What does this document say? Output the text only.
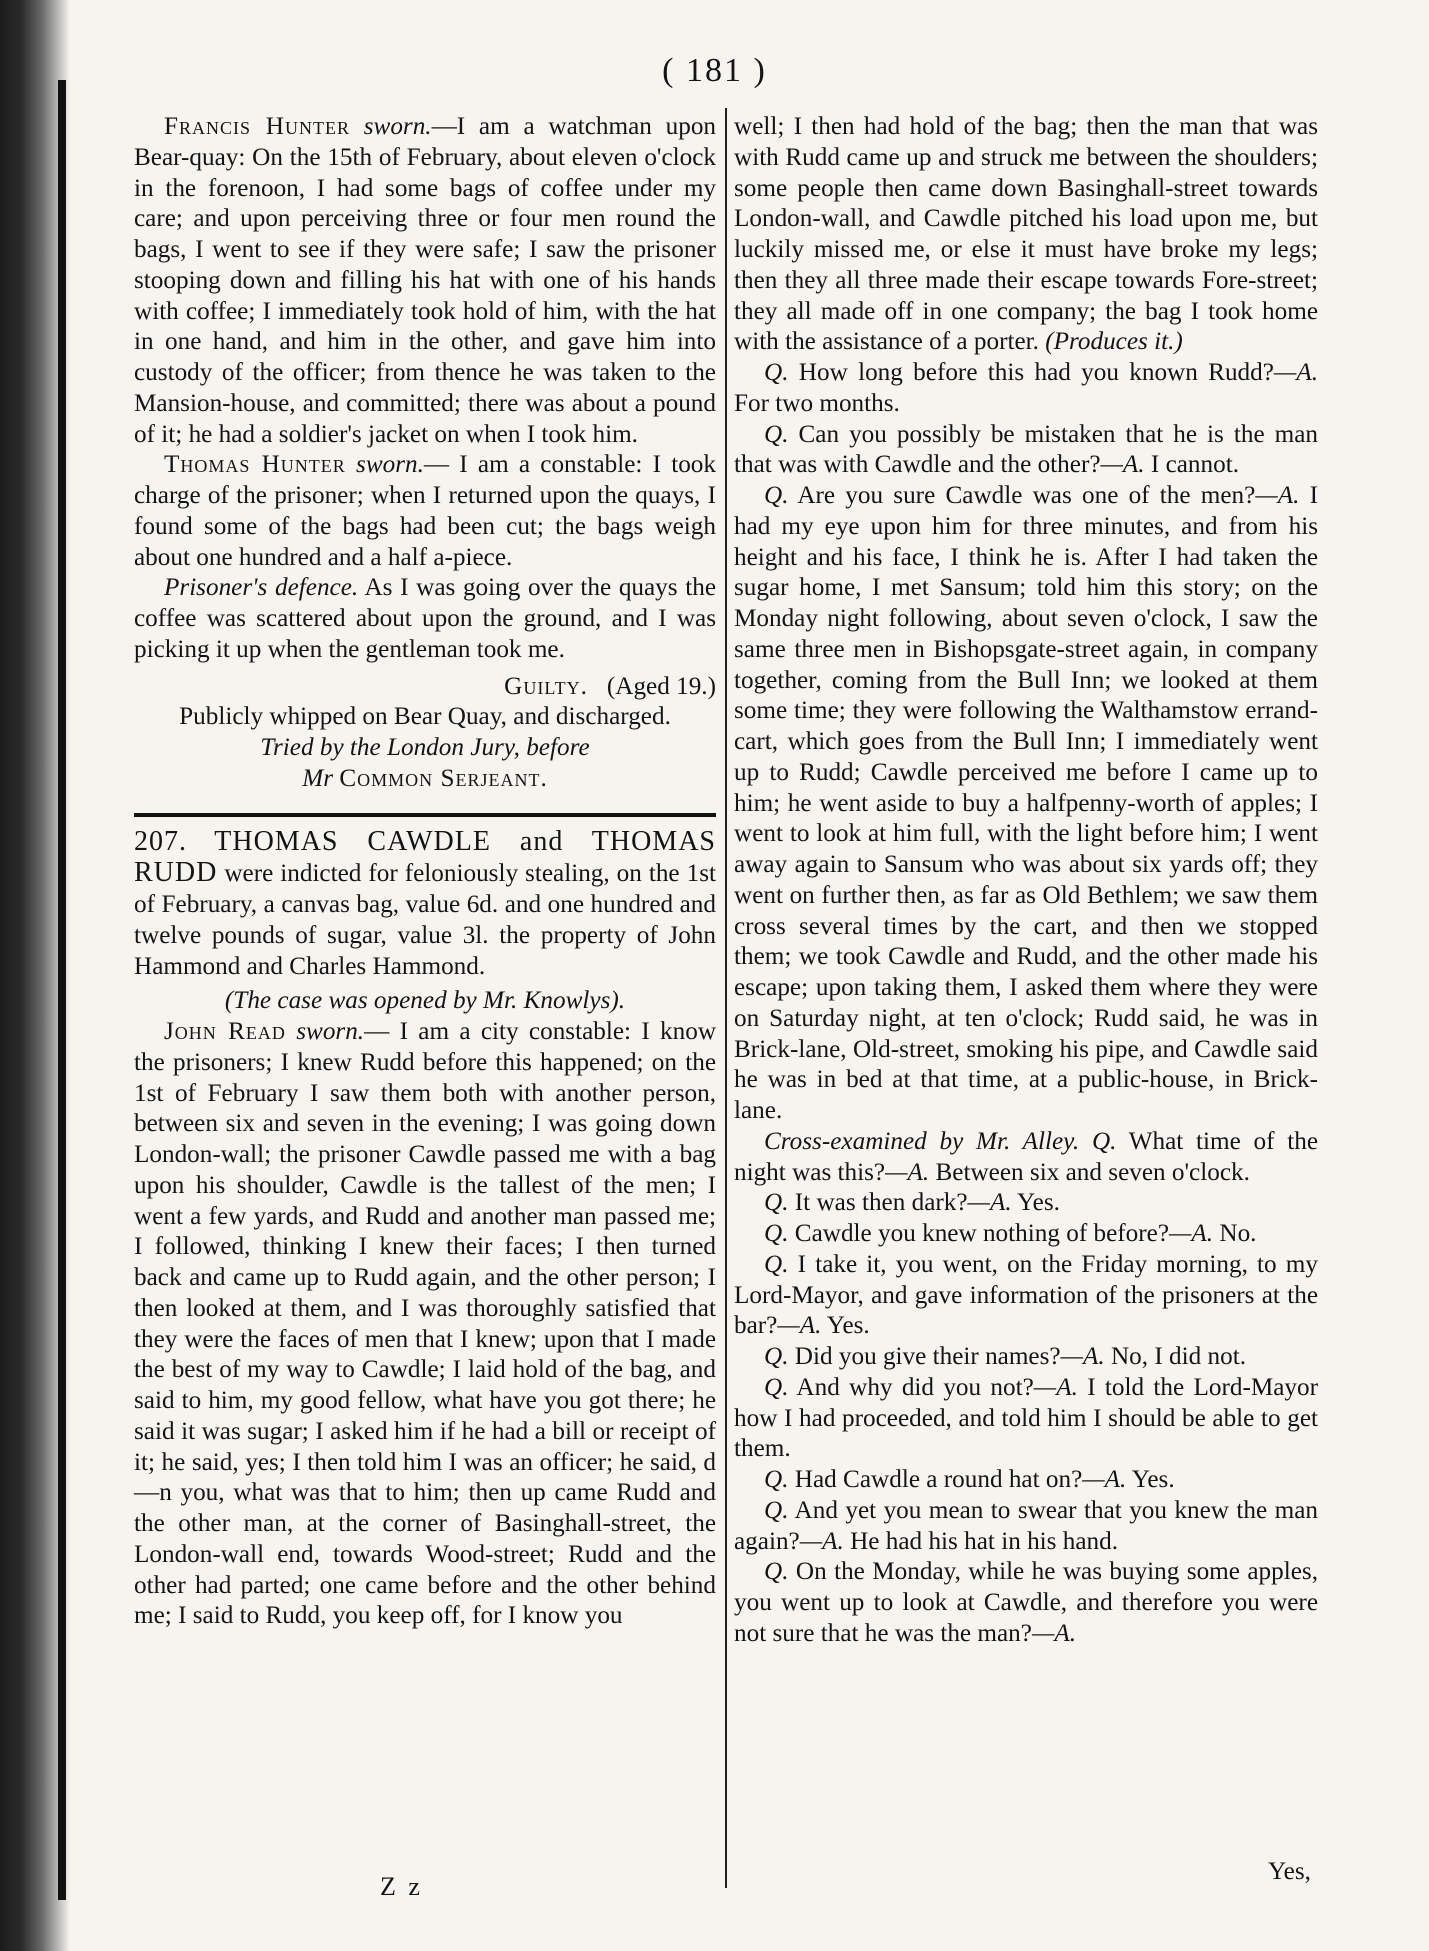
( 181 )

Francis Hunter sworn.—I am a watchman upon Bear-quay: On the 15th of February, about eleven o'clock in the forenoon, I had some bags of coffee under my care; and upon perceiving three or four men round the bags, I went to see if they were safe; I saw the prisoner stooping down and filling his hat with one of his hands with coffee; I immediately took hold of him, with the hat in one hand, and him in the other, and gave him into custody of the officer; from thence he was taken to the Mansion-house, and committed; there was about a pound of it; he had a soldier's jacket on when I took him.

Thomas Hunter sworn.— I am a constable: I took charge of the prisoner; when I returned upon the quays, I found some of the bags had been cut; the bags weigh about one hundred and a half a-piece.

Prisoner's defence. As I was going over the quays the coffee was scattered about upon the ground, and I was picking it up when the gentleman took me.

Guilty. (Aged 19.)

Publicly whipped on Bear Quay, and discharged.

Tried by the London Jury, before

Mr Common Serjeant.

207. THOMAS CAWDLE and THOMAS RUDD were indicted for feloniously stealing, on the 1st of February, a canvas bag, value 6d. and one hundred and twelve pounds of sugar, value 3l. the property of John Hammond and Charles Hammond.

(The case was opened by Mr. Knowlys).

John Read sworn.— I am a city constable: I know the prisoners; I knew Rudd before this happened; on the 1st of February I saw them both with another person, between six and seven in the evening; I was going down London-wall; the prisoner Cawdle passed me with a bag upon his shoulder, Cawdle is the tallest of the men; I went a few yards, and Rudd and another man passed me; I followed, thinking I knew their faces; I then turned back and came up to Rudd again, and the other person; I then looked at them, and I was thoroughly satisfied that they were the faces of men that I knew; upon that I made the best of my way to Cawdle; I laid hold of the bag, and said to him, my good fellow, what have you got there; he said it was sugar; I asked him if he had a bill or receipt of it; he said, yes; I then told him I was an officer; he said, d—n you, what was that to him; then up came Rudd and the other man, at the corner of Basinghall-street, the London-wall end, towards Wood-street; Rudd and the other had parted; one came before and the other behind me; I said to Rudd, you keep off, for I know you

well; I then had hold of the bag; then the man that was with Rudd came up and struck me between the shoulders; some people then came down Basinghall-street towards London-wall, and Cawdle pitched his load upon me, but luckily missed me, or else it must have broke my legs; then they all three made their escape towards Fore-street; they all made off in one company; the bag I took home with the assistance of a porter. (Produces it.)

Q. How long before this had you known Rudd?—A. For two months.

Q. Can you possibly be mistaken that he is the man that was with Cawdle and the other?—A. I cannot.

Q. Are you sure Cawdle was one of the men?—A. I had my eye upon him for three minutes, and from his height and his face, I think he is. After I had taken the sugar home, I met Sansum; told him this story; on the Monday night following, about seven o'clock, I saw the same three men in Bishopsgate-street again, in company together, coming from the Bull Inn; we looked at them some time; they were following the Walthamstow errand-cart, which goes from the Bull Inn; I immediately went up to Rudd; Cawdle perceived me before I came up to him; he went aside to buy a halfpenny-worth of apples; I went to look at him full, with the light before him; I went away again to Sansum who was about six yards off; they went on further then, as far as Old Bethlem; we saw them cross several times by the cart, and then we stopped them; we took Cawdle and Rudd, and the other made his escape; upon taking them, I asked them where they were on Saturday night, at ten o'clock; Rudd said, he was in Brick-lane, Old-street, smoking his pipe, and Cawdle said he was in bed at that time, at a public-house, in Brick-lane.

Cross-examined by Mr. Alley. Q. What time of the night was this?—A. Between six and seven o'clock.

Q. It was then dark?—A. Yes.

Q. Cawdle you knew nothing of before?—A. No.

Q. I take it, you went, on the Friday morning, to my Lord-Mayor, and gave information of the prisoners at the bar?—A. Yes.

Q. Did you give their names?—A. No, I did not.

Q. And why did you not?—A. I told the Lord-Mayor how I had proceeded, and told him I should be able to get them.

Q. Had Cawdle a round hat on?—A. Yes.

Q. And yet you mean to swear that you knew the man again?—A. He had his hat in his hand.

Q. On the Monday, while he was buying some apples, you went up to look at Cawdle, and therefore you were not sure that he was the man?—A.

Z z
Yes,
